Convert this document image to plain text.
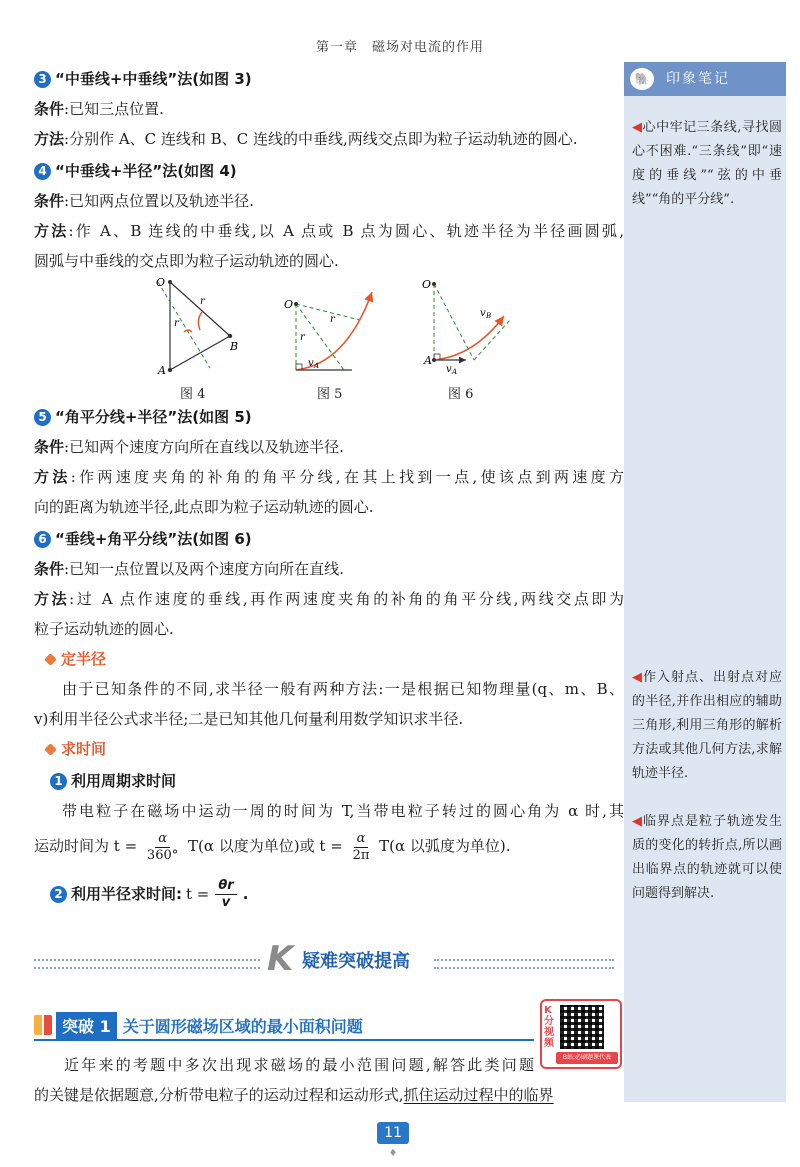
第一章　磁场对电流的作用
3 “中垂线+中垂线”法(如图 3)
条件:已知三点位置.
方法:分别作 A、C 连线和 B、C 连线的中垂线,两线交点即为粒子运动轨迹的圆心.
4 “中垂线+半径”法(如图 4)
条件:已知两点位置以及轨迹半径.
方法:作 A、B 连线的中垂线,以 A 点或 B 点为圆心、轨迹半径为半径画圆弧,
圆弧与中垂线的交点即为粒子运动轨迹的圆心.
O
B
A
r
r	O
r
r
v A
O
A
v B
v A
图 4	图 5	图 6
5 “角平分线+半径”法(如图 5)
条件:已知两个速度方向所在直线以及轨迹半径.
方法:作两速度夹角的补角的角平分线,在其上找到一点,使该点到两速度方
向的距离为轨迹半径,此点即为粒子运动轨迹的圆心.
6 “垂线+角平分线”法(如图 6)
条件:已知一点位置以及两个速度方向所在直线.
方法:过 A 点作速度的垂线,再作两速度夹角的补角的角平分线,两线交点即为
粒子运动轨迹的圆心.
定半径
由于已知条件的不同,求半径一般有两种方法:一是根据已知物理量(q、m、B、
v)利用半径公式求半径;二是已知其他几何量利用数学知识求半径.
求时间
1 利用周期求时间
带电粒子在磁场中运动一周的时间为 T,当带电粒子转过的圆心角为 α 时,其
运动时间为 $t = \frac{\alpha}{360^\circ} T(\alpha$ 以度为单位)或 $t = \frac{\alpha}{2\pi} T(\alpha$ 以弧度为单位).
2 利用半径求时间: $t = \frac{\theta r}{v}$ .
🐘	印象笔记
◀心中牢记三条线,寻找圆心不困难.“三条线”即“速度的垂线”“弦的中垂线”“角的平分线”.
◀作入射点、出射点对应的半径,并作出相应的辅助三角形,利用三角形的解析方法或其他几何方法,求解轨迹半径.
◀临界点是粒子轨迹发生质的变化的转折点,所以画出临界点的轨迹就可以使问题得到解决.
K 疑难突破提高
突破 1 关于圆形磁场区域的最小面积问题
K分视频
B站:必刷题课代表
近年来的考题中多次出现求磁场的最小范围问题,解答此类问题
的关键是依据题意,分析带电粒子的运动过程和运动形式,抓住运动过程中的临界
11
♦
